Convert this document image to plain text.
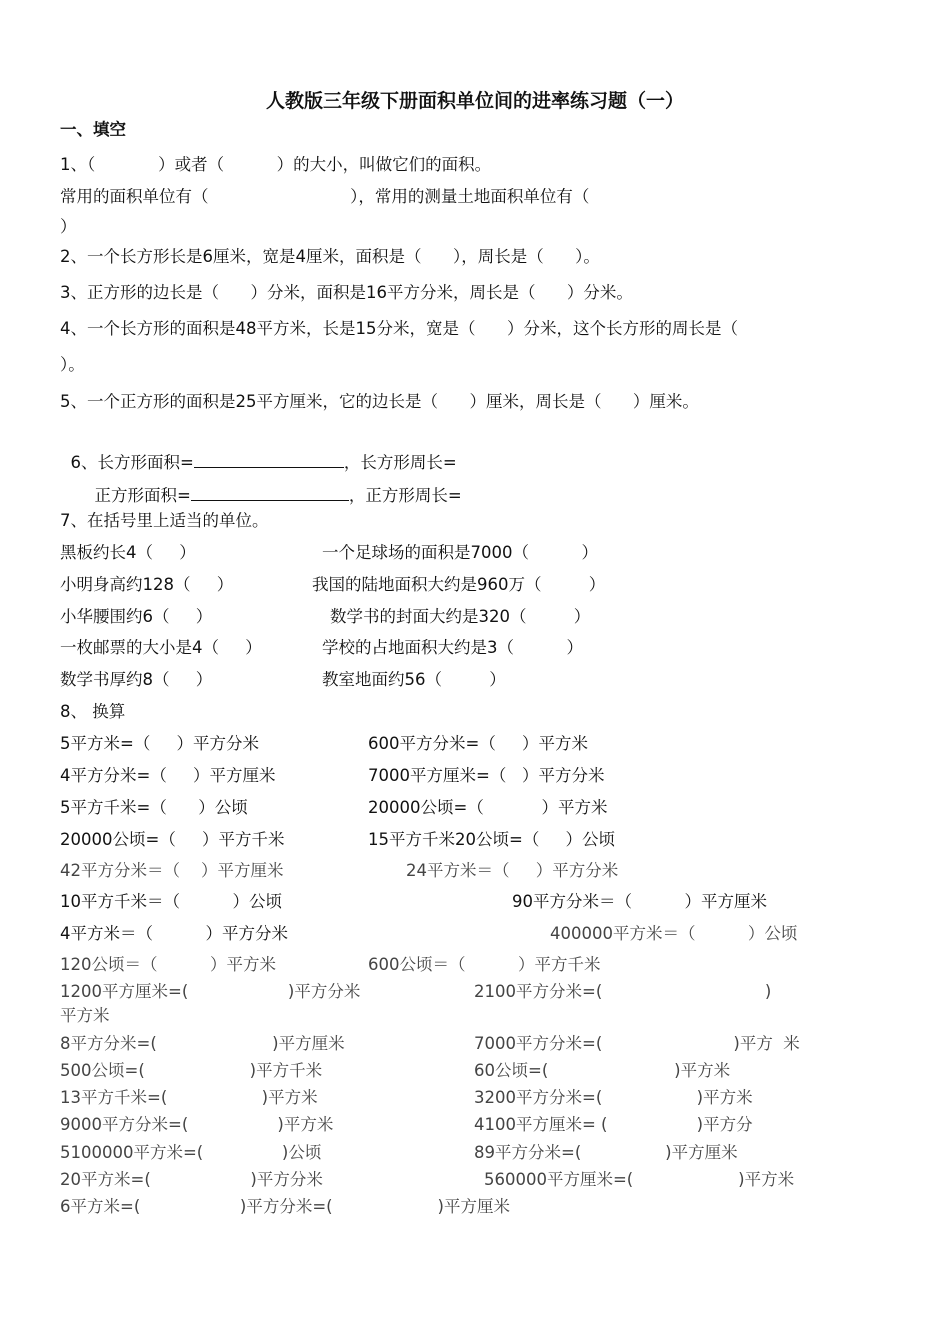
人教版三年级下册面积单位间的进率练习题（一）
一、填空
1、（            ）或者（          ）的大小，叫做它们的面积。
常用的面积单位有（                           ），常用的测量土地面积单位有（
）
2、一个长方形长是6厘米，宽是4厘米，面积是（      ），周长是（      ）。
3、正方形的边长是（      ）分米，面积是16平方分米，周长是（      ）分米。
4、一个长方形的面积是48平方米，长是15分米，宽是（      ）分米，这个长方形的周长是（
）。
5、一个正方形的面积是25平方厘米，它的边长是（      ）厘米，周长是（      ）厘米。

6、长方形面积=	，长方形周长=

正方形面积=	，正方形周长=

7、在括号里上适当的单位。
黑板约长4（     ）	一个足球场的面积是7000（          ）
小明身高约128（     ）	我国的陆地面积大约是960万（         ）
小华腰围约6（     ）	数学书的封面大约是320（         ）
一枚邮票的大小是4（     ）	学校的占地面积大约是3（          ）
数学书厚约8（     ）	教室地面约56（         ）
8、 换算
5平方米=（     ）平方分米	600平方分米=（     ）平方米
4平方分米=（     ）平方厘米	7000平方厘米=（   ）平方分米
5平方千米=（      ）公顷	20000公顷=（           ）平方米
20000公顷=（     ）平方千米	15平方千米20公顷=（     ）公顷
42平方分米＝（    ）平方厘米	24平方米＝（     ）平方分米
10平方千米＝（          ）公顷	90平方分米＝（          ）平方厘米
4平方米＝（          ）平方分米	400000平方米＝（          ）公顷
120公顷＝（          ）平方米	600公顷＝（          ）平方千米
1200平方厘米=(                   )平方分米	2100平方分米=(                               )
平方米
8平方分米=(                      )平方厘米	7000平方分米=(                         )平方  米
500公顷=(                    )平方千米	60公顷=(                        )平方米
13平方千米=(                  )平方米	3200平方分米=(                  )平方米
9000平方分米=(                 )平方米	4100平方厘米= (                 )平方分
5100000平方米=(               )公顷	89平方分米=(                )平方厘米
20平方米=(                   )平方分米	560000平方厘米=(                    )平方米
6平方米=(                   )平方分米=(                    )平方厘米
